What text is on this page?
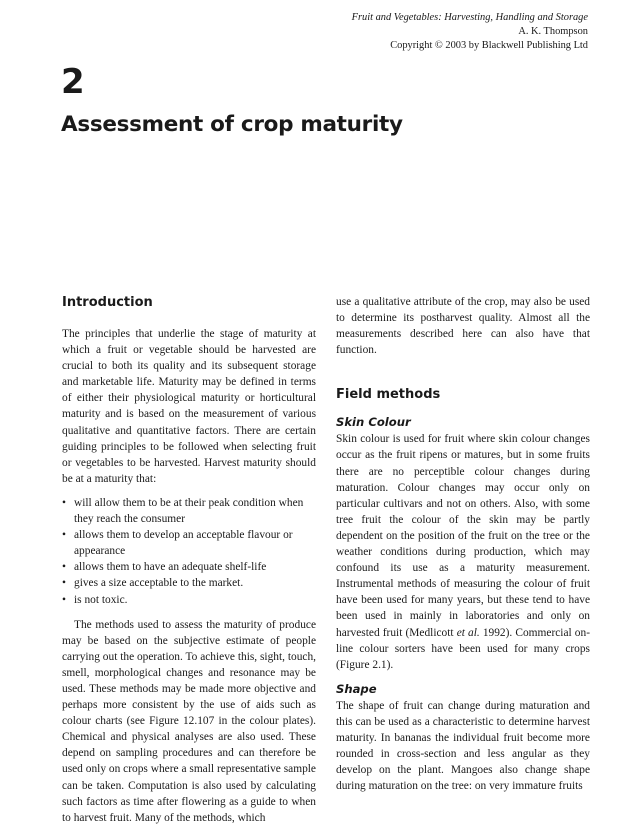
Fruit and Vegetables: Harvesting, Handling and Storage
A. K. Thompson
Copyright © 2003 by Blackwell Publishing Ltd
2
Assessment of crop maturity
Introduction

The principles that underlie the stage of maturity at which a fruit or vegetable should be harvested are crucial to both its quality and its subsequent storage and marketable life. Maturity may be defined in terms of either their physiological maturity or horticultural maturity and is based on the measurement of various qualitative and quantitative factors. There are certain guiding principles to be followed when selecting fruit or vegetables to be harvested. Harvest maturity should be at a maturity that:

• will allow them to be at their peak condition when they reach the consumer
• allows them to develop an acceptable flavour or appearance
• allows them to have an adequate shelf-life
• gives a size acceptable to the market.
• is not toxic.

The methods used to assess the maturity of produce may be based on the subjective estimate of people carrying out the operation. To achieve this, sight, touch, smell, morphological changes and resonance may be used. These methods may be made more objective and perhaps more consistent by the use of aids such as colour charts (see Figure 12.107 in the colour plates). Chemical and physical analyses are also used. These depend on sampling procedures and can therefore be used only on crops where a small representative sample can be taken. Computation is also used by calculating such factors as time after flowering as a guide to when to harvest fruit. Many of the methods, which

use a qualitative attribute of the crop, may also be used to determine its postharvest quality. Almost all the measurements described here can also have that function.

Field methods
Skin Colour

Skin colour is used for fruit where skin colour changes occur as the fruit ripens or matures, but in some fruits there are no perceptible colour changes during maturation. Colour changes may occur only on particular cultivars and not on others. Also, with some tree fruit the colour of the skin may be partly dependent on the position of the fruit on the tree or the weather conditions during production, which may confound its use as a maturity measurement. Instrumental methods of measuring the colour of fruit have been used for many years, but these tend to have been used in mainly in laboratories and only on harvested fruit (Medlicott et al. 1992). Commercial on-line colour sorters have been used for many crops (Figure 2.1).

Shape

The shape of fruit can change during maturation and this can be used as a characteristic to determine harvest maturity. In bananas the individual fruit become more rounded in cross-section and less angular as they develop on the plant. Mangoes also change shape during maturation on the tree: on very immature fruits
